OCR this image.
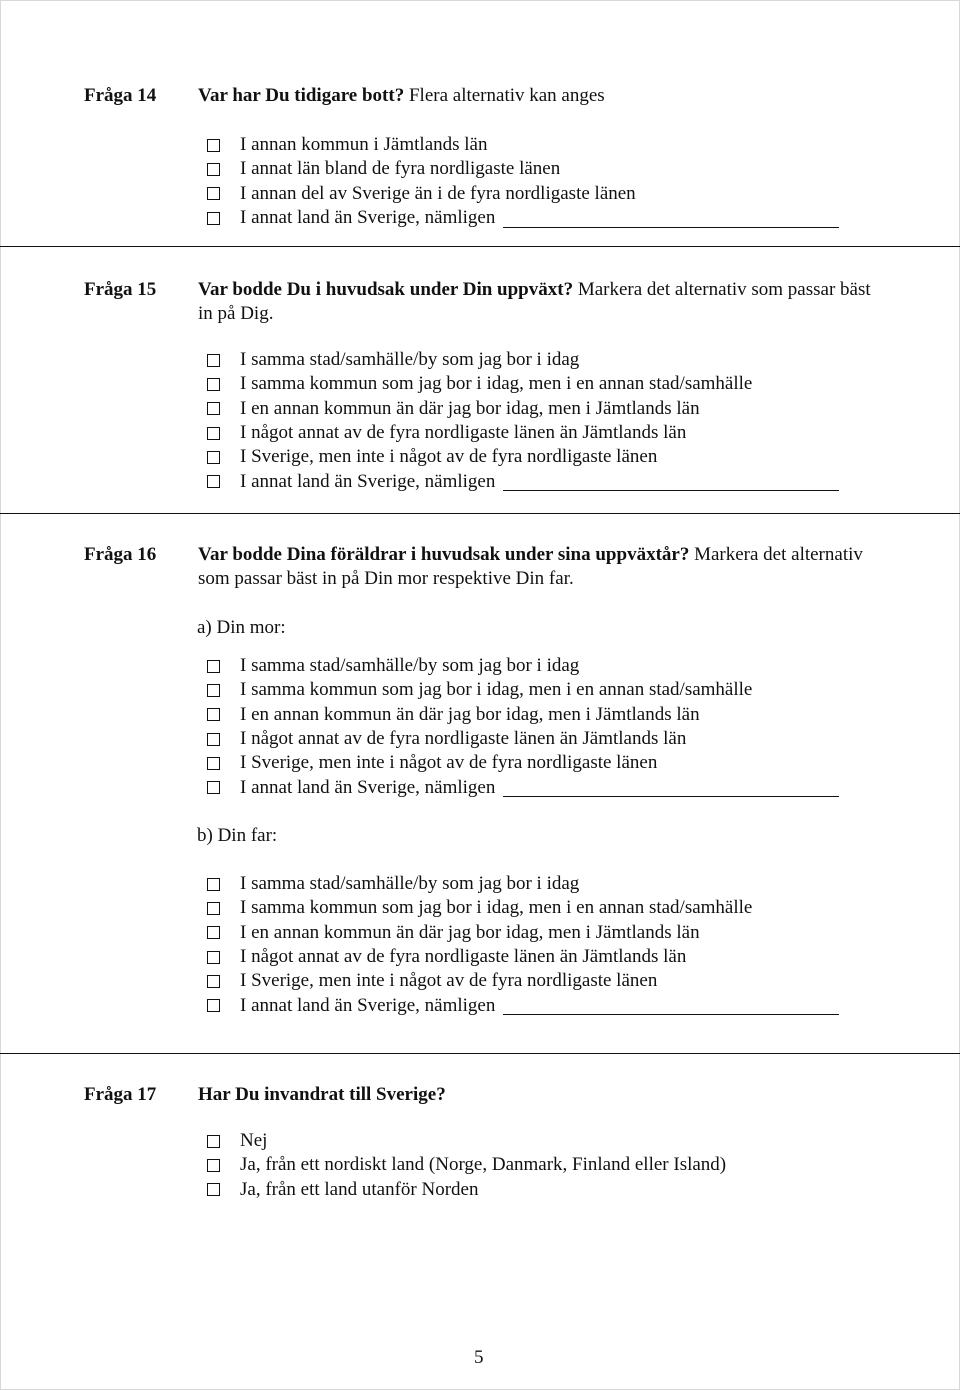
Fråga 14 Var har Du tidigare bott? Flera alternativ kan anges
I annan kommun i Jämtlands län
I annat län bland de fyra nordligaste länen
I annan del av Sverige än i de fyra nordligaste länen
I annat land än Sverige, nämligen
Fråga 15 Var bodde Du i huvudsak under Din uppväxt? Markera det alternativ som passar bäst in på Dig.
I samma stad/samhälle/by som jag bor i idag
I samma kommun som jag bor i idag, men i en annan stad/samhälle
I en annan kommun än där jag bor idag, men i Jämtlands län
I något annat av de fyra nordligaste länen än Jämtlands län
I Sverige, men inte i något av de fyra nordligaste länen
I annat land än Sverige, nämligen
Fråga 16 Var bodde Dina föräldrar i huvudsak under sina uppväxtår? Markera det alternativ som passar bäst in på Din mor respektive Din far.
a) Din mor:
I samma stad/samhälle/by som jag bor i idag
I samma kommun som jag bor i idag, men i en annan stad/samhälle
I en annan kommun än där jag bor idag, men i Jämtlands län
I något annat av de fyra nordligaste länen än Jämtlands län
I Sverige, men inte i något av de fyra nordligaste länen
I annat land än Sverige, nämligen
b) Din far:
I samma stad/samhälle/by som jag bor i idag
I samma kommun som jag bor i idag, men i en annan stad/samhälle
I en annan kommun än där jag bor idag, men i Jämtlands län
I något annat av de fyra nordligaste länen än Jämtlands län
I Sverige, men inte i något av de fyra nordligaste länen
I annat land än Sverige, nämligen
Fråga 17 Har Du invandrat till Sverige?
Nej
Ja, från ett nordiskt land (Norge, Danmark, Finland eller Island)
Ja, från ett land utanför Norden
5
